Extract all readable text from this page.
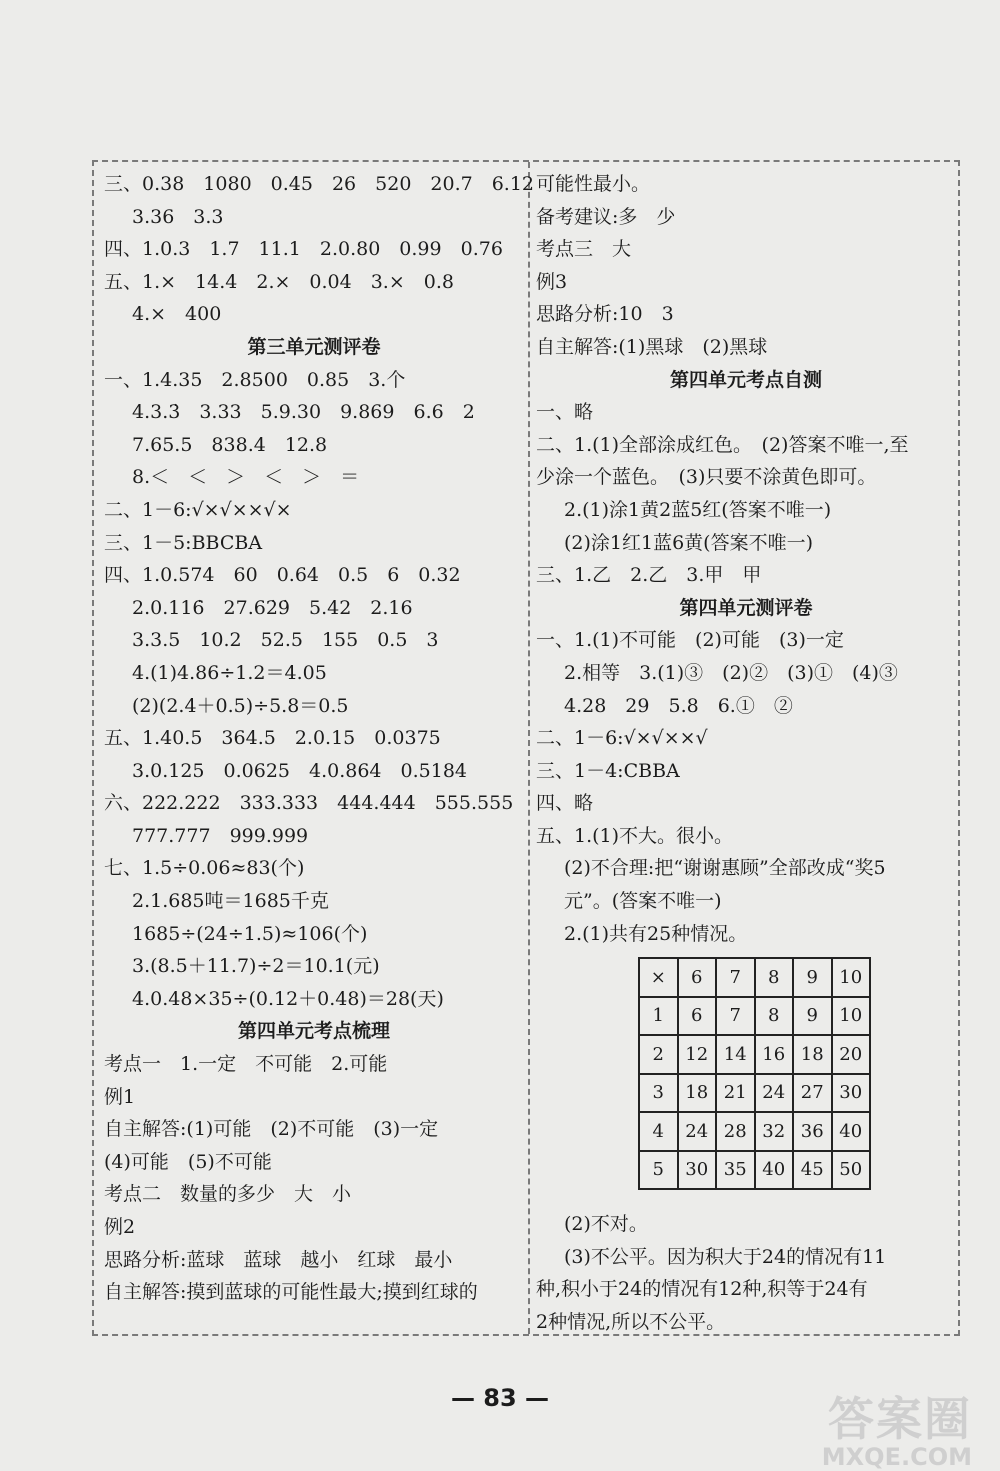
三、0.38　1080　0.45　26　520　20.7　6.12
3.36　3.3
四、1.0.3　1.7　11.1　2.0.80　0.99　0.76
五、1.×　14.4　2.×　0.04　3.×　0.8
4.×　400
第三单元测评卷
一、1.4.35　2.8500　0.85　3.个
4.3.3̇　3.33　5.9.30　9.869　6.6　2
7.65.5　838.4　12.8
8.＜　＜　＞　＜　＞　＝
二、1－6:√×√××√×
三、1－5:BBCBA
四、1.0.574　60　0.64　0.5　6　0.32
2.0.116̇　27.62̇9̇　5.42　2.16
3.3.5　10.2　52.5　155　0.5　3
4.(1)4.86÷1.2＝4.05
(2)(2.4＋0.5)÷5.8＝0.5
五、1.40.5　364.5　2.0.15　0.0375
3.0.125　0.0625　4.0.864　0.5184
六、222.222　333.333　444.444　555.555
777.777　999.999
七、1.5÷0.06≈83(个)
2.1.685吨＝1685千克
1685÷(24÷1.5)≈106(个)
3.(8.5＋11.7)÷2＝10.1(元)
4.0.48×35÷(0.12＋0.48)＝28(天)
第四单元考点梳理
考点一　1.一定　不可能　2.可能
例1
自主解答:(1)可能　(2)不可能　(3)一定
(4)可能　(5)不可能
考点二　数量的多少　大　小
例2
思路分析:蓝球　蓝球　越小　红球　最小
自主解答:摸到蓝球的可能性最大;摸到红球的
可能性最小。
备考建议:多　少
考点三　大
例3
思路分析:10　3
自主解答:(1)黑球　(2)黑球
第四单元考点自测
一、略
二、1.(1)全部涂成红色。　(2)答案不唯一,至
少涂一个蓝色。　(3)只要不涂黄色即可。
2.(1)涂1黄2蓝5红(答案不唯一)
(2)涂1红1蓝6黄(答案不唯一)
三、1.乙　2.乙　3.甲　甲
第四单元测评卷
一、1.(1)不可能　(2)可能　(3)一定
2.相等　3.(1)③　(2)②　(3)①　(4)③
4.28　29　5.8　6.①　②
二、1－6:√×√××√
三、1－4:CBBA
四、略
五、1.(1)不大。很小。
(2)不合理:把“谢谢惠顾”全部改成“奖5
元”。(答案不唯一)
2.(1)共有25种情况。
×	6	7	8	9	10
1	6	7	8	9	10
2	12	14	16	18	20
3	18	21	24	27	30
4	24	28	32	36	40
5	30	35	40	45	50
(2)不对。
(3)不公平。因为积大于24的情况有11
种,积小于24的情况有12种,积等于24有
2种情况,所以不公平。
— 83 —	答案圈
MXQE.COM
